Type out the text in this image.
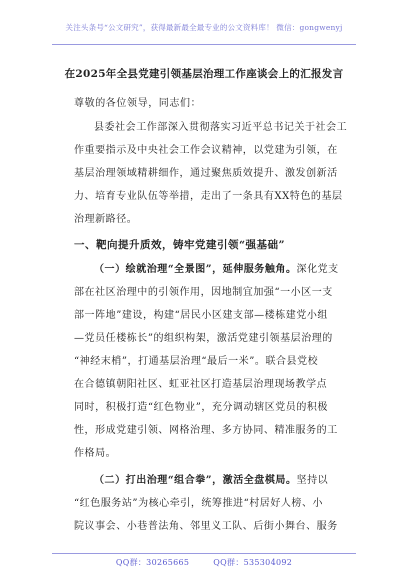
关注头条号“公文研究”，获得最新最全最专业的公文资料库！ 微信：gongwenyj
在2025年全县党建引领基层治理工作座谈会上的汇报发言
尊敬的各位领导，同志们：
县委社会工作部深入贯彻落实习近平总书记关于社会工
作重要指示及中央社会工作会议精神，以党建为引领，在
基层治理领域精耕细作，通过聚焦质效提升、激发创新活
力、培育专业队伍等举措，走出了一条具有XX特色的基层
治理新路径。
一、靶向提升质效，铸牢党建引领“强基础”
（一）绘就治理“全景图”，延伸服务触角。深化党支
部在社区治理中的引领作用，因地制宜加强“一小区一支
部一阵地”建设，构建“居民小区建支部—楼栋建党小组
—党员任楼栋长”的组织构架，激活党建引领基层治理的
“神经末梢”，打通基层治理“最后一米”。联合县党校
在合德镇朝阳社区、虹亚社区打造基层治理现场教学点
同时，积极打造“红色物业”，充分调动辖区党员的积极
性，形成党建引领、网格治理、多方协同、精准服务的工
作格局。
（二）打出治理“组合拳”，激活全盘棋局。坚持以
“红色服务站”为核心牵引，统筹推进“村居好人榜、小
院议事会、小巷普法角、邻里义工队、后街小舞台、服务
QQ群：30265665	QQ群：535304092
